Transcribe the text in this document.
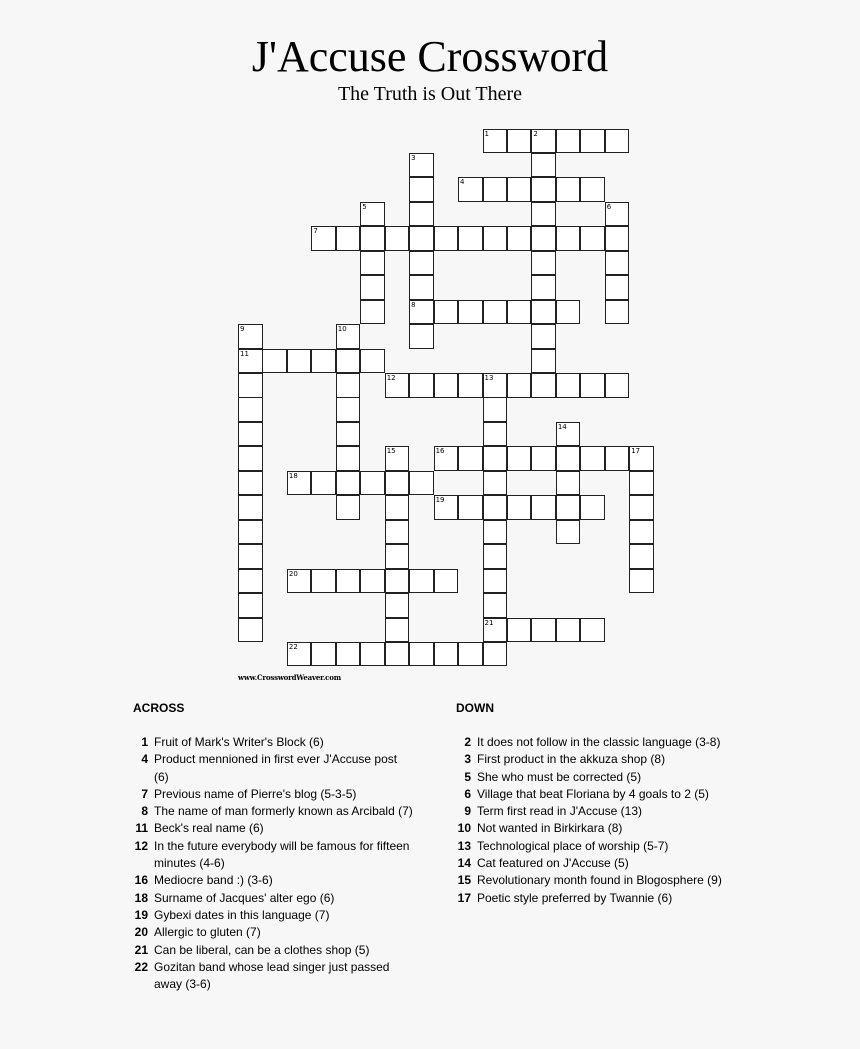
J'Accuse Crossword
The Truth is Out There
1
4
7
8
11
12
16
18
19
20
21
22
2
3
5	6
9	10
13
14
15	17
www.CrosswordWeaver.com
ACROSS	DOWN
1 Fruit of Mark's Writer's Block (6)
4 Product mennioned in first ever J'Accuse post (6)
7 Previous name of Pierre's blog (5-3-5)
8 The name of man formerly known as Arcibald (7)
11 Beck's real name (6)
12 In the future everybody will be famous for fifteen minutes (4-6)
16 Mediocre band :) (3-6)
18 Surname of Jacques' alter ego (6)
19 Gybexi dates in this language (7)
20 Allergic to gluten (7)
21 Can be liberal, can be a clothes shop (5)
22 Gozitan band whose lead singer just passed away (3-6)
2 It does not follow in the classic language (3-8)
3 First product in the akkuza shop (8)
5 She who must be corrected (5)
6 Village that beat Floriana by 4 goals to 2 (5)
9 Term first read in J'Accuse (13)
10 Not wanted in Birkirkara (8)
13 Technological place of worship (5-7)
14 Cat featured on J'Accuse (5)
15 Revolutionary month found in Blogosphere (9)
17 Poetic style preferred by Twannie (6)
